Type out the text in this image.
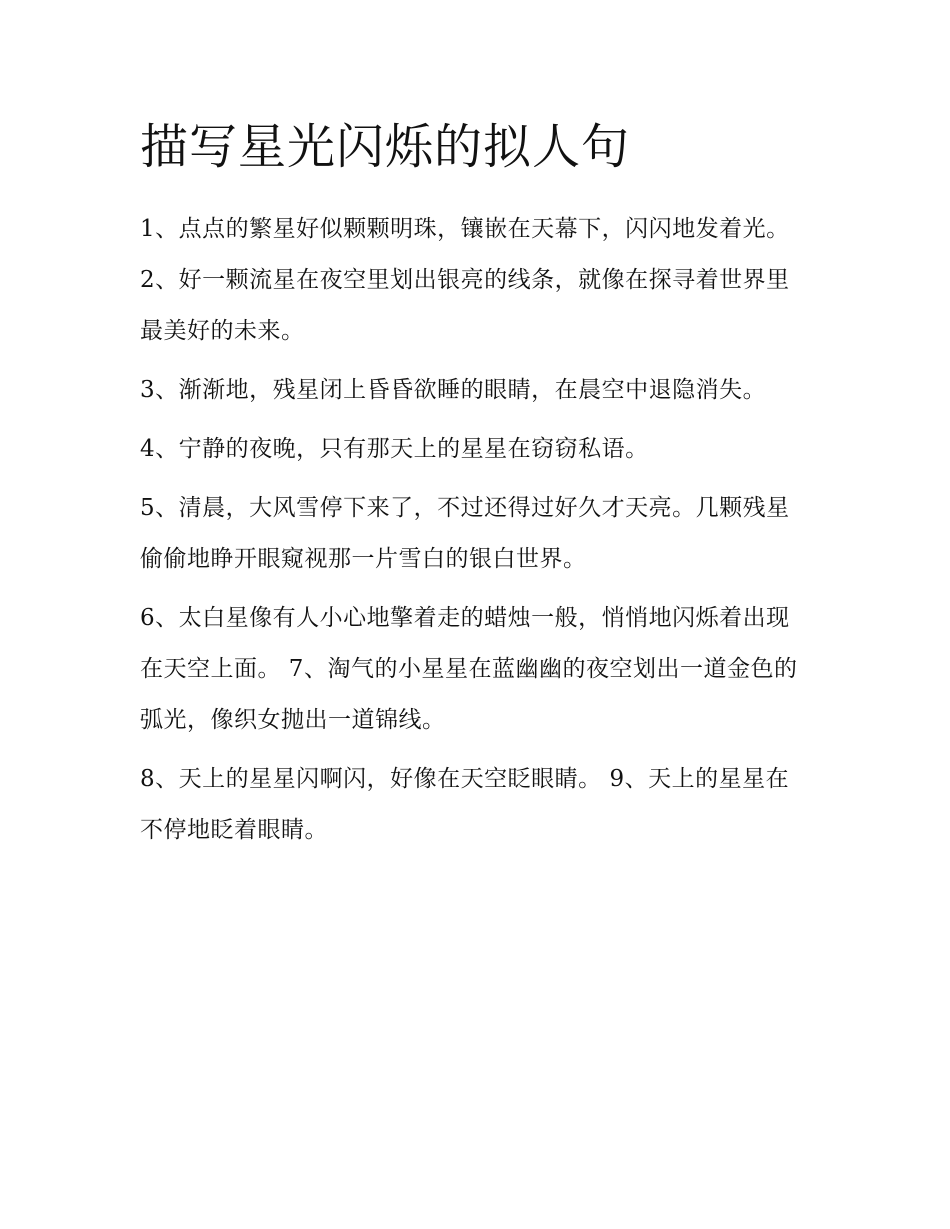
描写星光闪烁的拟人句

1、点点的繁星好似颗颗明珠，镶嵌在天幕下，闪闪地发着光。 2、好一颗流星在夜空里划出银亮的线条，就像在探寻着世界里最美好的未来。

3、渐渐地，残星闭上昏昏欲睡的眼睛，在晨空中退隐消失。

4、宁静的夜晚，只有那天上的星星在窃窃私语。

5、清晨，大风雪停下来了，不过还得过好久才天亮。几颗残星偷偷地睁开眼窥视那一片雪白的银白世界。

6、太白星像有人小心地擎着走的蜡烛一般，悄悄地闪烁着出现在天空上面。 7、淘气的小星星在蓝幽幽的夜空划出一道金色的弧光，像织女抛出一道锦线。

8、天上的星星闪啊闪，好像在天空眨眼睛。 9、天上的星星在不停地眨着眼睛。
